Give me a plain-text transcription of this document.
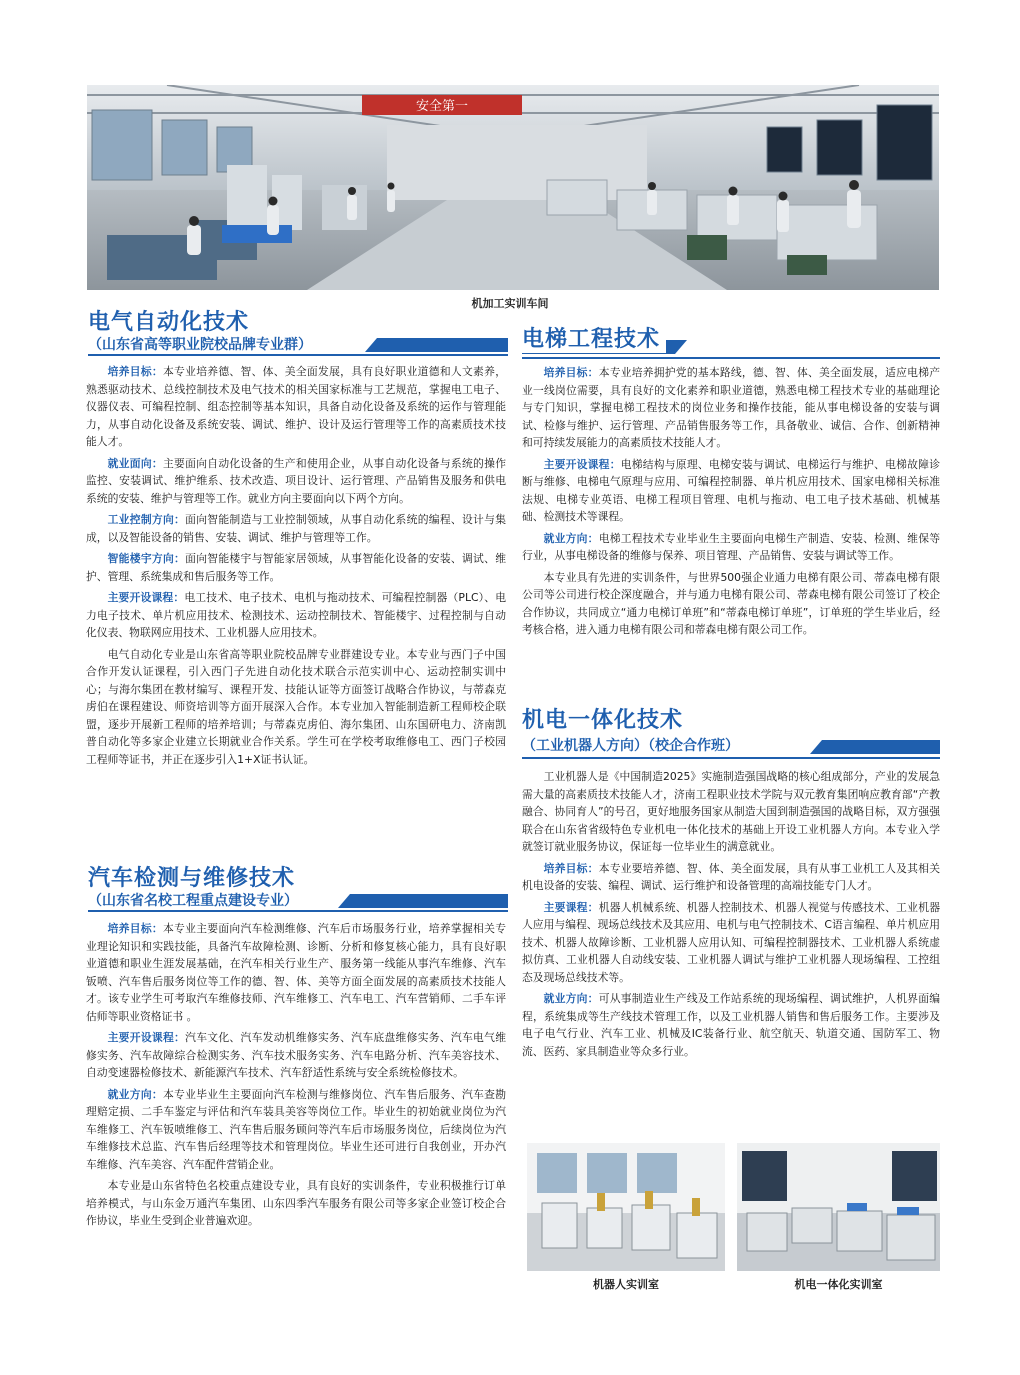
安全第一
机加工实训车间
电气自动化技术
（山东省高等职业院校品牌专业群）

培养目标：本专业培养德、智、体、美全面发展，具有良好职业道德和人文素养，熟悉驱动技术、总线控制技术及电气技术的相关国家标准与工艺规范，掌握电工电子、仪器仪表、可编程控制、组态控制等基本知识，具备自动化设备及系统的运作与管理能力，从事自动化设备及系统安装、调试、维护、设计及运行管理等工作的高素质技术技能人才。

就业面向：主要面向自动化设备的生产和使用企业，从事自动化设备与系统的操作监控、安装调试、维护维系、技术改造、项目设计、运行管理、产品销售及服务和供电系统的安装、维护与管理等工作。就业方向主要面向以下两个方向。

工业控制方向：面向智能制造与工业控制领域，从事自动化系统的编程、设计与集成，以及智能设备的销售、安装、调试、维护与管理等工作。

智能楼宇方向：面向智能楼宇与智能家居领域，从事智能化设备的安装、调试、维护、管理、系统集成和售后服务等工作。

主要开设课程：电工技术、电子技术、电机与拖动技术、可编程控制器（PLC）、电力电子技术、单片机应用技术、检测技术、运动控制技术、智能楼宇、过程控制与自动化仪表、物联网应用技术、工业机器人应用技术。

电气自动化专业是山东省高等职业院校品牌专业群建设专业。本专业与西门子中国合作开发认证课程，引入西门子先进自动化技术联合示范实训中心、运动控制实训中心；与海尔集团在教材编写、课程开发、技能认证等方面签订战略合作协议，与蒂森克虏伯在课程建设、师资培训等方面开展深入合作。本专业加入智能制造新工程师校企联盟，逐步开展新工程师的培养培训；与蒂森克虏伯、海尔集团、山东国研电力、济南凯普自动化等多家企业建立长期就业合作关系。学生可在学校考取维修电工、西门子校园工程师等证书，并正在逐步引入1+X证书认证。

汽车检测与维修技术
（山东省名校工程重点建设专业）

培养目标：本专业主要面向汽车检测维修、汽车后市场服务行业，培养掌握相关专业理论知识和实践技能，具备汽车故障检测、诊断、分析和修复核心能力，具有良好职业道德和职业生涯发展基础，在汽车相关行业生产、服务第一线能从事汽车维修、汽车钣喷、汽车售后服务岗位等工作的德、智、体、美等方面全面发展的高素质技术技能人才。该专业学生可考取汽车维修技师、汽车维修工、汽车电工、汽车营销师、二手车评估师等职业资格证书 。

主要开设课程：汽车文化、汽车发动机维修实务、汽车底盘维修实务、汽车电气维修实务、汽车故障综合检测实务、汽车技术服务实务、汽车电路分析、汽车美容技术、自动变速器检修技术、新能源汽车技术、汽车舒适性系统与安全系统检修技术。

就业方向：本专业毕业生主要面向汽车检测与维修岗位、汽车售后服务、汽车查勘理赔定损、二手车鉴定与评估和汽车装具美容等岗位工作。毕业生的初始就业岗位为汽车维修工、汽车钣喷维修工、汽车售后服务顾问等汽车后市场服务岗位，后续岗位为汽车维修技术总监、汽车售后经理等技术和管理岗位。毕业生还可进行自我创业，开办汽车维修、汽车美容、汽车配件营销企业。

本专业是山东省特色名校重点建设专业，具有良好的实训条件，专业积极推行订单培养模式，与山东金万通汽车集团、山东四季汽车服务有限公司等多家企业签订校企合作协议，毕业生受到企业普遍欢迎。

电梯工程技术

培养目标：本专业培养拥护党的基本路线，德、智、体、美全面发展，适应电梯产业一线岗位需要，具有良好的文化素养和职业道德，熟悉电梯工程技术专业的基础理论与专门知识，掌握电梯工程技术的岗位业务和操作技能，能从事电梯设备的安装与调试、检修与维护、运行管理、产品销售服务等工作，具备敬业、诚信、合作、创新精神和可持续发展能力的高素质技术技能人才。

主要开设课程：电梯结构与原理、电梯安装与调试、电梯运行与维护、电梯故障诊断与维修、电梯电气原理与应用、可编程控制器、单片机应用技术、国家电梯相关标准法规、电梯专业英语、电梯工程项目管理、电机与拖动、电工电子技术基础、机械基础、检测技术等课程。

就业方向：电梯工程技术专业毕业生主要面向电梯生产制造、安装、检测、维保等行业，从事电梯设备的维修与保养、项目管理、产品销售、安装与调试等工作。

本专业具有先进的实训条件，与世界500强企业通力电梯有限公司、蒂森电梯有限公司等公司进行校企深度融合，并与通力电梯有限公司、蒂森电梯有限公司签订了校企合作协议，共同成立“通力电梯订单班”和“蒂森电梯订单班”，订单班的学生毕业后，经考核合格，进入通力电梯有限公司和蒂森电梯有限公司工作。

机电一体化技术
（工业机器人方向）（校企合作班）

工业机器人是《中国制造2025》实施制造强国战略的核心组成部分，产业的发展急需大量的高素质技术技能人才，济南工程职业技术学院与双元教育集团响应教育部“产教融合、协同育人”的号召，更好地服务国家从制造大国到制造强国的战略目标，双方强强联合在山东省省级特色专业机电一体化技术的基础上开设工业机器人方向。本专业入学就签订就业服务协议，保证每一位毕业生的满意就业。

培养目标：本专业要培养德、智、体、美全面发展，具有从事工业机工人及其相关机电设备的安装、编程、调试、运行维护和设备管理的高端技能专门人才。

主要课程：机器人机械系统、机器人控制技术、机器人视觉与传感技术、工业机器人应用与编程、现场总线技术及其应用、电机与电气控制技术、C语言编程、单片机应用技术、机器人故障诊断、工业机器人应用认知、可编程控制器技术、工业机器人系统虚拟仿真、工业机器人自动线安装、工业机器人调试与维护工业机器人现场编程、工控组态及现场总线技术等。

就业方向：可从事制造业生产线及工作站系统的现场编程、调试维护，人机界面编程，系统集成等生产线技术管理工作，以及工业机器人销售和售后服务工作。主要涉及电子电气行业、汽车工业、机械及IC装备行业、航空航天、轨道交通、国防军工、物流、医药、家具制造业等众多行业。

机器人实训室	机电一体化实训室
